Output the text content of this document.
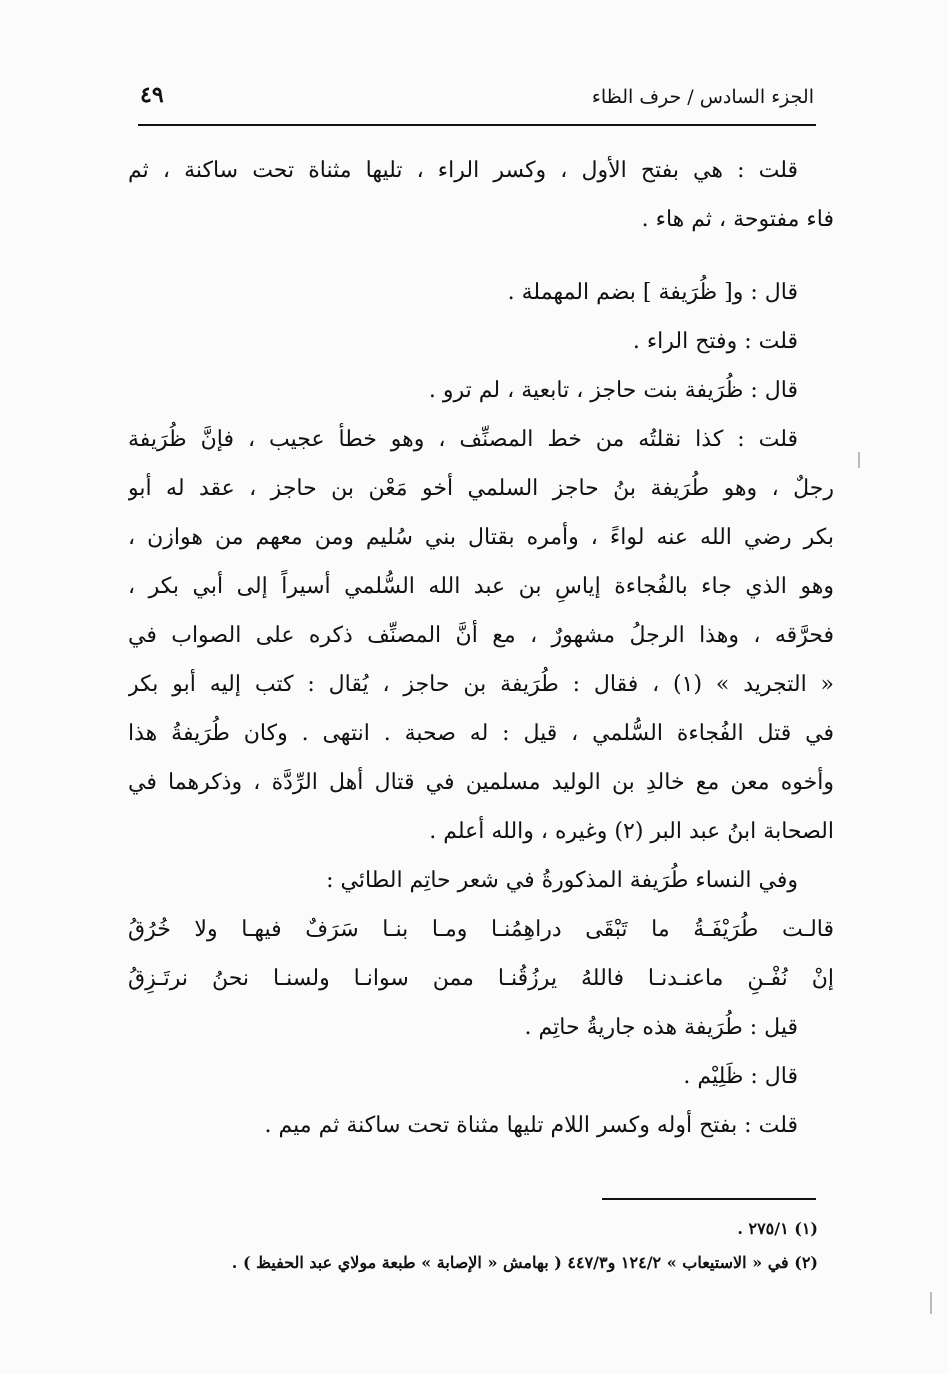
الجزء السادس / حرف الظاء
٤٩
قلت : هي بفتح الأول ، وكسر الراء ، تليها مثناة تحت ساكنة ، ثم
فاء مفتوحة ، ثم هاء .
قال : و[ ظُرَيفة ] بضم المهملة .
قلت : وفتح الراء .
قال : ظُرَيفة بنت حاجز ، تابعية ، لم ترو .
قلت : كذا نقلتُه من خط المصنِّف ، وهو خطأ عجيب ، فإنَّ ظُرَيفة
رجلٌ ، وهو طُرَيفة بنُ حاجز السلمي أخو مَعْن بن حاجز ، عقد له أبو
بكر رضي الله عنه لواءً ، وأمره بقتال بني سُليم ومن معهم من هوازن ،
وهو الذي جاء بالفُجاءة إياسِ بن عبد الله السُّلمي أسيراً إلى أبي بكر ،
فحرَّقه ، وهذا الرجلُ مشهورٌ ، مع أنَّ المصنِّف ذكره على الصواب في
« التجريد » (١) ، فقال : طُرَيفة بن حاجز ، يُقال : كتب إليه أبو بكر
في قتل الفُجاءة السُّلمي ، قيل : له صحبة . انتهى . وكان طُرَيفةُ هذا
وأخوه معن مع خالدِ بن الوليد مسلمين في قتال أهل الرِّدَّة ، وذكرهما في
الصحابة ابنُ عبد البر (٢) وغيره ، والله أعلم .
وفي النساء طُرَيفة المذكورةُ في شعر حاتِم الطائي :
قالـت طُرَيْفَـةُ ما تَبْقَى دراهِمُنـا ومـا بنـا سَرَفٌ فيهـا ولا خُرُقُ
إنْ نُفْـنِ ماعنـدنـا فاللهُ يرزُقُنـا ممن سوانـا ولسنـا نحنُ نرتَـزِقُ
قيل : طُرَيفة هذه جاريةُ حاتِم .
قال : ظَلِيْم .
قلت : بفتح أوله وكسر اللام تليها مثناة تحت ساكنة ثم ميم .
(١) ٢٧٥/١ .
(٢) في « الاستيعاب » ١٢٤/٢ و٤٤٧/٣ ( بهامش « الإصابة » طبعة مولاي عبد الحفيظ ) .
